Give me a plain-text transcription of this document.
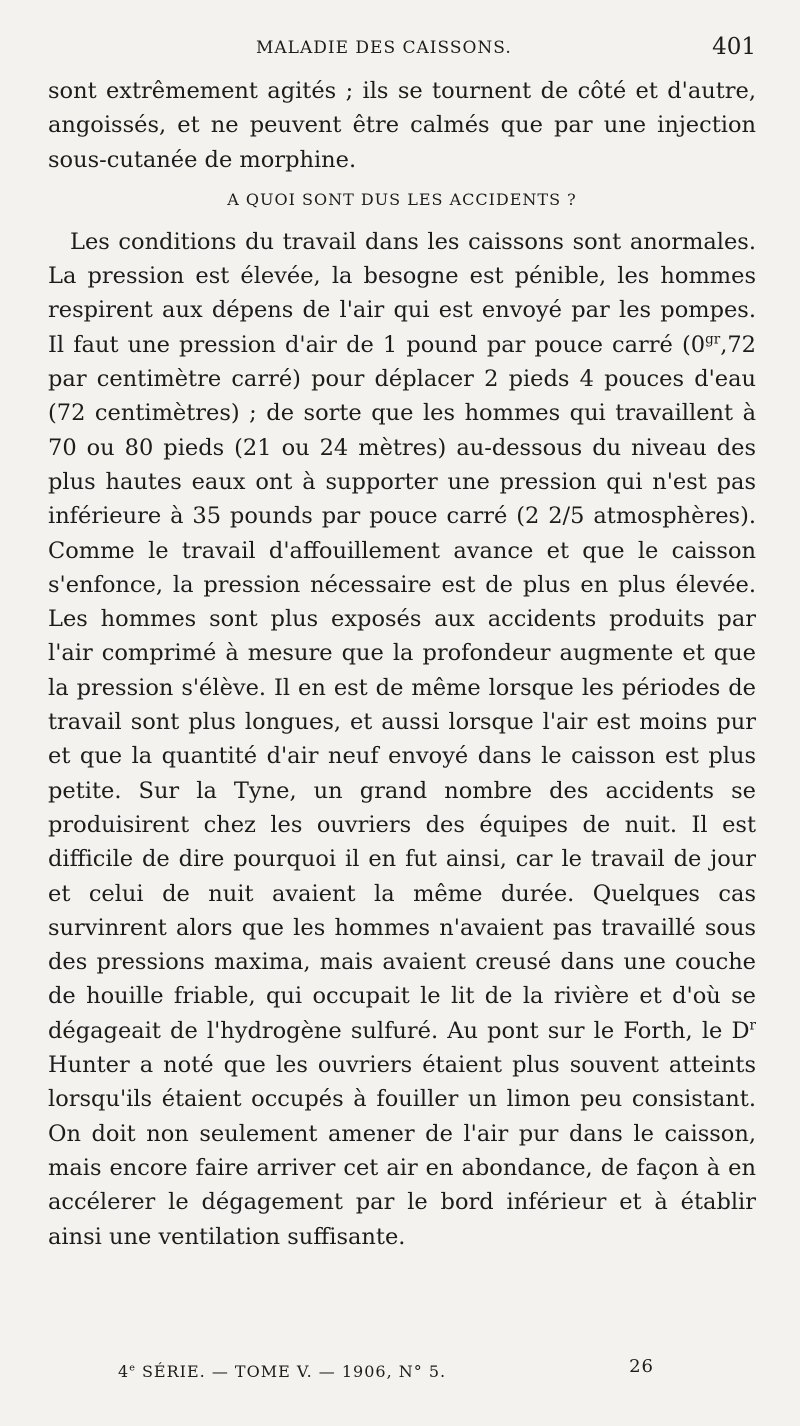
MALADIE DES CAISSONS.	401

sont extrêmement agités ; ils se tournent de côté et d'autre, angoissés, et ne peuvent être calmés que par une injection sous-cutanée de morphine.

A QUOI SONT DUS LES ACCIDENTS ?

Les conditions du travail dans les caissons sont anormales. La pression est élevée, la besogne est pénible, les hommes respirent aux dépens de l'air qui est envoyé par les pompes. Il faut une pression d'air de 1 pound par pouce carré ($0^{gr},72$ par centimètre carré) pour déplacer 2 pieds 4 pouces d'eau (72 centimètres) ; de sorte que les hommes qui travaillent à 70 ou 80 pieds (21 ou 24 mètres) au-dessous du niveau des plus hautes eaux ont à supporter une pression qui n'est pas inférieure à 35 pounds par pouce carré (2 2/5 atmosphères). Comme le travail d'affouillement avance et que le caisson s'enfonce, la pression nécessaire est de plus en plus élevée. Les hommes sont plus exposés aux accidents produits par l'air comprimé à mesure que la profondeur augmente et que la pression s'élève. Il en est de même lorsque les périodes de travail sont plus longues, et aussi lorsque l'air est moins pur et que la quantité d'air neuf envoyé dans le caisson est plus petite. Sur la Tyne, un grand nombre des accidents se produisirent chez les ouvriers des équipes de nuit. Il est difficile de dire pourquoi il en fut ainsi, car le travail de jour et celui de nuit avaient la même durée. Quelques cas survinrent alors que les hommes n'avaient pas travaillé sous des pressions maxima, mais avaient creusé dans une couche de houille friable, qui occupait le lit de la rivière et d'où se dégageait de l'hydrogène sulfuré. Au pont sur le Forth, le $D^r$ Hunter a noté que les ouvriers étaient plus souvent atteints lorsqu'ils étaient occupés à fouiller un limon peu consistant. On doit non seulement amener de l'air pur dans le caisson, mais encore faire arriver cet air en abondance, de façon à en accélerer le dégagement par le bord inférieur et à établir ainsi une ventilation suffisante.

4e SÉRIE. — TOME V. — 1906, N° 5.	26
